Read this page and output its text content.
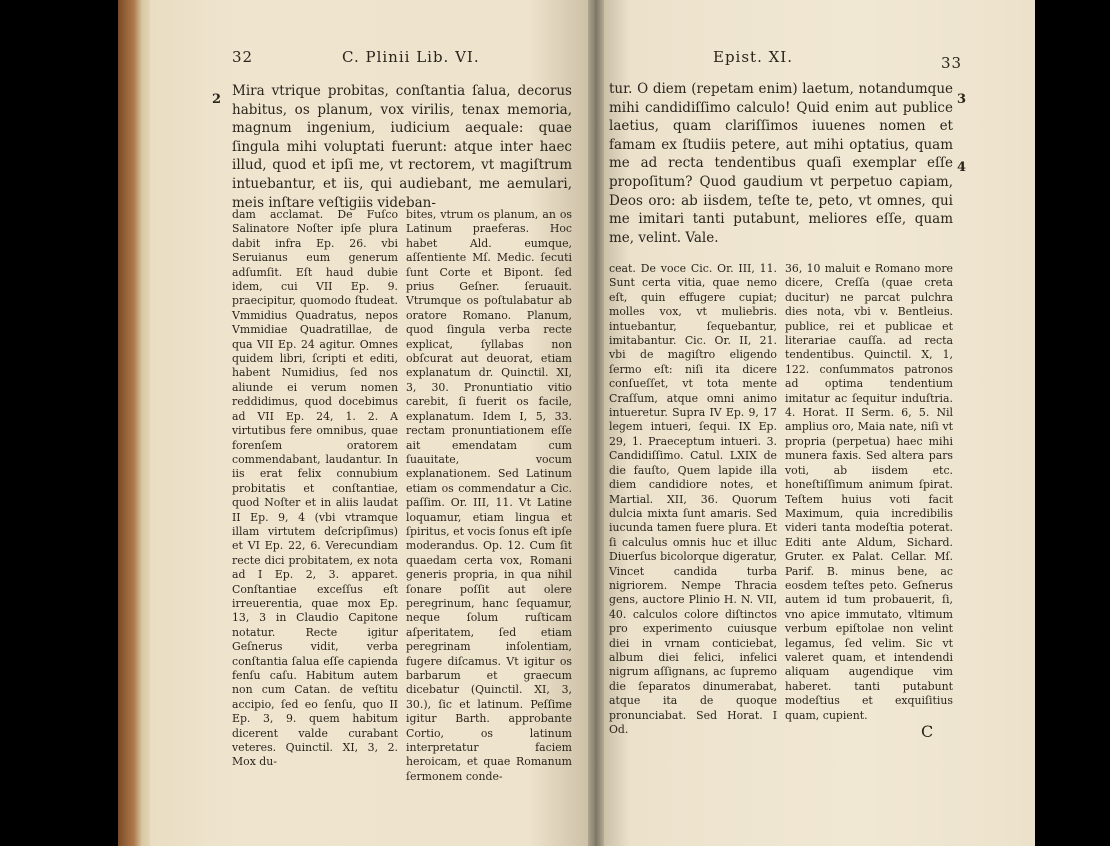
32	C. Plinii Lib. VI.
2

Mira vtrique probitas, conſtantia ſalua, decorus habitus, os planum, vox virilis, tenax memoria, magnum ingenium, iudicium aequale: quae ſingula mihi voluptati fuerunt: atque inter haec illud, quod et ipſi me, vt rectorem, vt magiſtrum intuebantur, et iis, qui audiebant, me aemulari, meis inſtare veſtigiis videban-

dam acclamat. De Fuſco Salinatore Noſter ipſe plura dabit infra Ep. 26. vbi Seruianus eum generum adſumſit. Eſt haud dubie idem, cui VII Ep. 9. praecipitur, quomodo ſtudeat. Vmmidius Quadratus, nepos Vmmidiae Quadratillae, de qua VII Ep. 24 agitur. Omnes quidem libri, ſcripti et editi, habent Numidius, ſed nos aliunde ei verum nomen reddidimus, quod docebimus ad VII Ep. 24, 1. 2. A virtutibus fere omnibus, quae forenſem oratorem commendabant, laudantur. In iis erat felix connubium probitatis et conſtantiae, quod Noſter et in aliis laudat II Ep. 9, 4 (vbi vtramque illam virtutem deſcripſimus) et VI Ep. 22, 6. Verecundiam recte dici probitatem, ex nota ad I Ep. 2, 3. apparet. Conſtantiae exceſſus eſt irreuerentia, quae mox Ep. 13, 3 in Claudio Capitone notatur. Recte igitur Geſnerus vidit, verba conſtantia ſalua eſſe capienda fenſu caſu. Habitum autem non cum Catan. de veſtitu accipio, ſed eo ſenſu, quo II Ep. 3, 9. quem habitum dicerent valde curabant veteres. Quinctil. XI, 3, 2. Mox du-

bites, vtrum os planum, an os Latinum praeferas. Hoc habet Ald. eumque, aſſentiente Mſ. Medic. ſecuti ſunt Corte et Bipont. ſed prius Geſner. ſeruauit. Vtrumque os poſtulabatur ab oratore Romano. Planum, quod ſingula verba recte explicat, ſyllabas non obſcurat aut deuorat, etiam explanatum dr. Quinctil. XI, 3, 30. Pronuntiatio vitio carebit, ſi fuerit os facile, explanatum. Idem I, 5, 33. rectam pronuntiationem eſſe ait emendatam cum ſuauitate, vocum explanationem. Sed Latinum etiam os commendatur a Cic. paſſim. Or. III, 11. Vt Latine loquamur, etiam lingua et ſpiritus, et vocis ſonus eſt ipſe moderandus. Op. 12. Cum ſit quaedam certa vox, Romani generis propria, in qua nihil ſonare poſſit aut olere peregrinum, hanc ſequamur, neque ſolum ruſticam aſperitatem, ſed etiam peregrinam inſolentiam, fugere diſcamus. Vt igitur os barbarum et graecum dicebatur (Quinctil. XI, 3, 30.), ſic et latinum. Peſſime igitur Barth. approbante Cortio, os latinum interpretatur faciem heroicam, et quae Romanum ſermonem conde-

Epist. XI.	33
3
4

tur. O diem (repetam enim) laetum, notandumque mihi candidiſſimo calculo! Quid enim aut publice laetius, quam clariſſimos iuuenes nomen et famam ex ſtudiis petere, aut mihi optatius, quam me ad recta tendentibus quaſi exemplar eſſe propoſitum? Quod gaudium vt perpetuo capiam, Deos oro: ab iisdem, teſte te, peto, vt omnes, qui me imitari tanti putabunt, meliores eſſe, quam me, velint. Vale.

ceat. De voce Cic. Or. III, 11. Sunt certa vitia, quae nemo eſt, quin effugere cupiat; molles vox, vt muliebris. intuebantur, ſequebantur, imitabantur. Cic. Or. II, 21. vbi de magiſtro eligendo ſermo eſt: niſi ita dicere conſueſſet, vt tota mente Craſſum, atque omni animo intueretur. Supra IV Ep. 9, 17 legem intueri, ſequi. IX Ep. 29, 1. Praeceptum intueri. 3. Candidiſſimo. Catul. LXIX de die fauſto, Quem lapide illa diem candidiore notes, et Martial. XII, 36. Quorum dulcia mixta ſunt amaris. Sed iucunda tamen fuere plura. Et ſi calculus omnis huc et illuc Diuerſus bicolorque digeratur, Vincet candida turba nigriorem. Nempe Thracia gens, auctore Plinio H. N. VII, 40. calculos colore diſtinctos pro experimento cuiusque diei in vrnam conticiebat, album diei felici, infelici nigrum aſſignans, ac ſupremo die ſeparatos dinumerabat, atque ita de quoque pronunciabat. Sed Horat. I Od.

36, 10 maluit e Romano more dicere, Creſſa (quae creta ducitur) ne parcat pulchra dies nota, vbi v. Bentleius. publice, rei et publicae et literariae cauſſa. ad recta tendentibus. Quinctil. X, 1, 122. conſummatos patronos ad optima tendentium imitatur ac ſequitur induſtria. 4. Horat. II Serm. 6, 5. Nil amplius oro, Maia nate, niſi vt propria (perpetua) haec mihi munera faxis. Sed altera pars voti, ab iisdem etc. honeſtiſſimum animum ſpirat. Teſtem huius voti facit Maximum, quia incredibilis videri tanta modeſtia poterat. Editi ante Aldum, Sichard. Gruter. ex Palat. Cellar. Mſ. Parif. B. minus bene, ac eosdem teſtes peto. Geſnerus autem id tum probauerit, ſi, vno apice immutato, vltimum verbum epiſtolae non velint legamus, ſed velim. Sic vt valeret quam, et intendendi aliquam augendique vim haberet. tanti putabunt modeſtius et exquiſitius quam, cupient.

C
